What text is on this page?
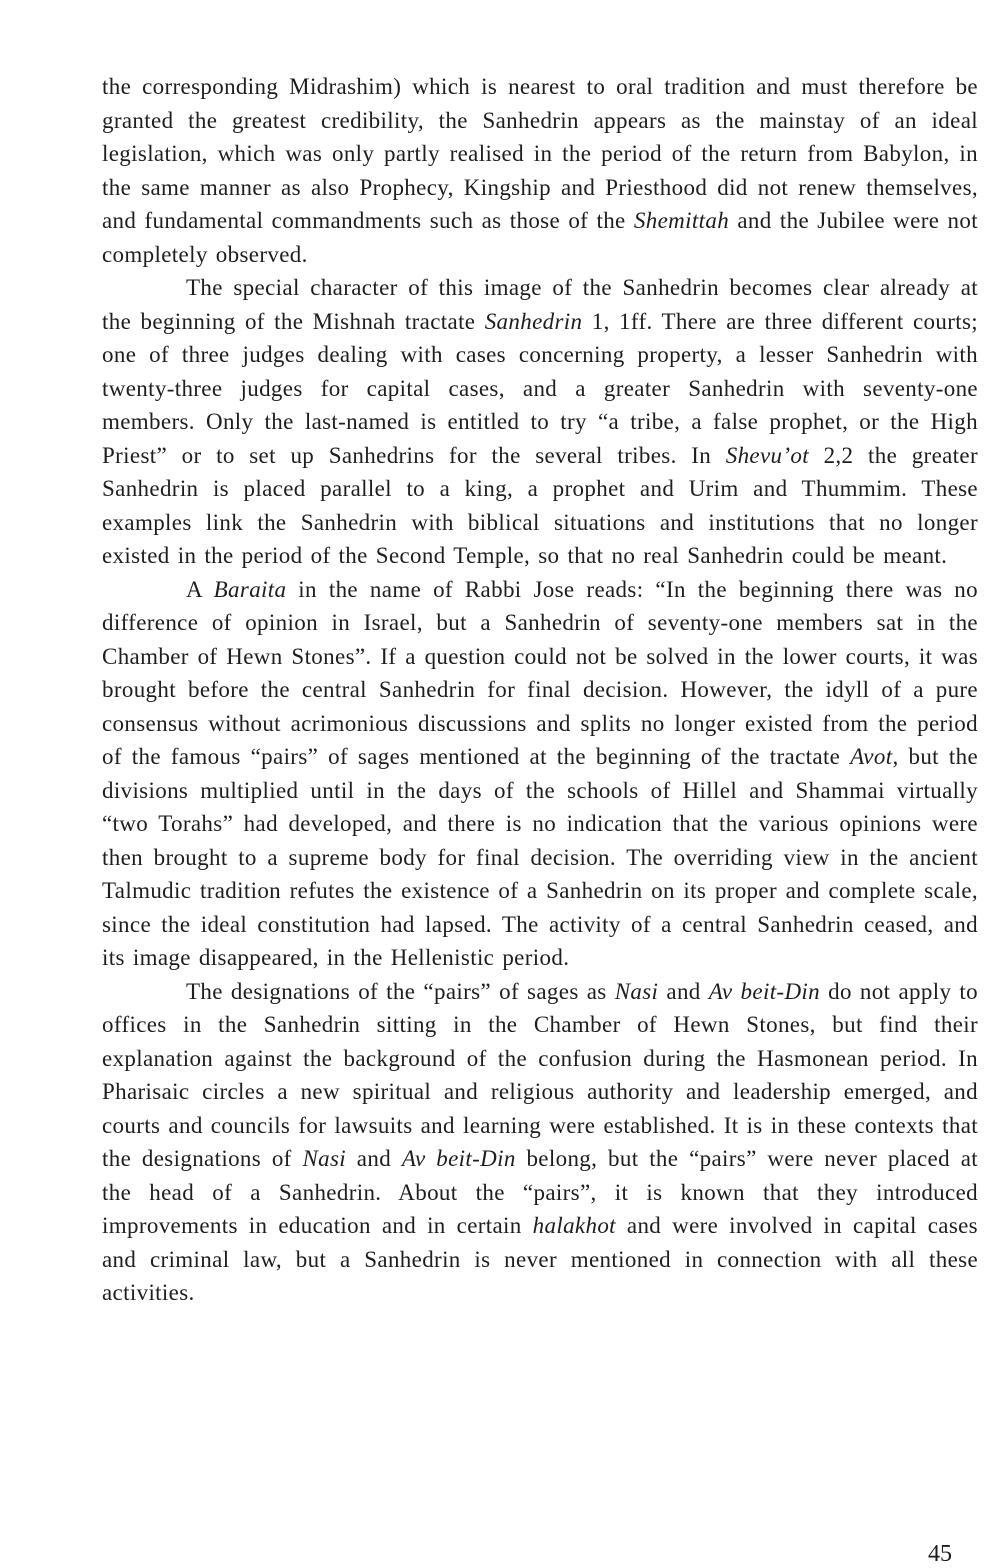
the corresponding Midrashim) which is nearest to oral tradition and must therefore be granted the greatest credibility, the Sanhedrin appears as the mainstay of an ideal legislation, which was only partly realised in the period of the return from Babylon, in the same manner as also Prophecy, Kingship and Priesthood did not renew themselves, and fundamental commandments such as those of the Shemittah and the Jubilee were not completely observed.

The special character of this image of the Sanhedrin becomes clear already at the beginning of the Mishnah tractate Sanhedrin 1, 1ff. There are three different courts; one of three judges dealing with cases concerning property, a lesser Sanhedrin with twenty-three judges for capital cases, and a greater Sanhedrin with seventy-one members. Only the last-named is entitled to try “a tribe, a false prophet, or the High Priest” or to set up Sanhedrins for the several tribes. In Shevu’ot 2,2 the greater Sanhedrin is placed parallel to a king, a prophet and Urim and Thummim. These examples link the Sanhedrin with biblical situations and institutions that no longer existed in the period of the Second Temple, so that no real Sanhedrin could be meant.

A Baraita in the name of Rabbi Jose reads: “In the beginning there was no difference of opinion in Israel, but a Sanhedrin of seventy-one members sat in the Chamber of Hewn Stones”. If a question could not be solved in the lower courts, it was brought before the central Sanhedrin for final decision. However, the idyll of a pure consensus without acrimonious discussions and splits no longer existed from the period of the famous “pairs” of sages mentioned at the beginning of the tractate Avot, but the divisions multiplied until in the days of the schools of Hillel and Shammai virtually “two Torahs” had developed, and there is no indication that the various opinions were then brought to a supreme body for final decision. The overriding view in the ancient Talmudic tradition refutes the existence of a Sanhedrin on its proper and complete scale, since the ideal constitution had lapsed. The activity of a central Sanhedrin ceased, and its image disappeared, in the Hellenistic period.

The designations of the “pairs” of sages as Nasi and Av beit-Din do not apply to offices in the Sanhedrin sitting in the Chamber of Hewn Stones, but find their explanation against the background of the confusion during the Hasmonean period. In Pharisaic circles a new spiritual and religious authority and leadership emerged, and courts and councils for lawsuits and learning were established. It is in these contexts that the designations of Nasi and Av beit-Din belong, but the “pairs” were never placed at the head of a Sanhedrin. About the “pairs”, it is known that they introduced improvements in education and in certain halakhot and were involved in capital cases and criminal law, but a Sanhedrin is never mentioned in connection with all these activities.

45
